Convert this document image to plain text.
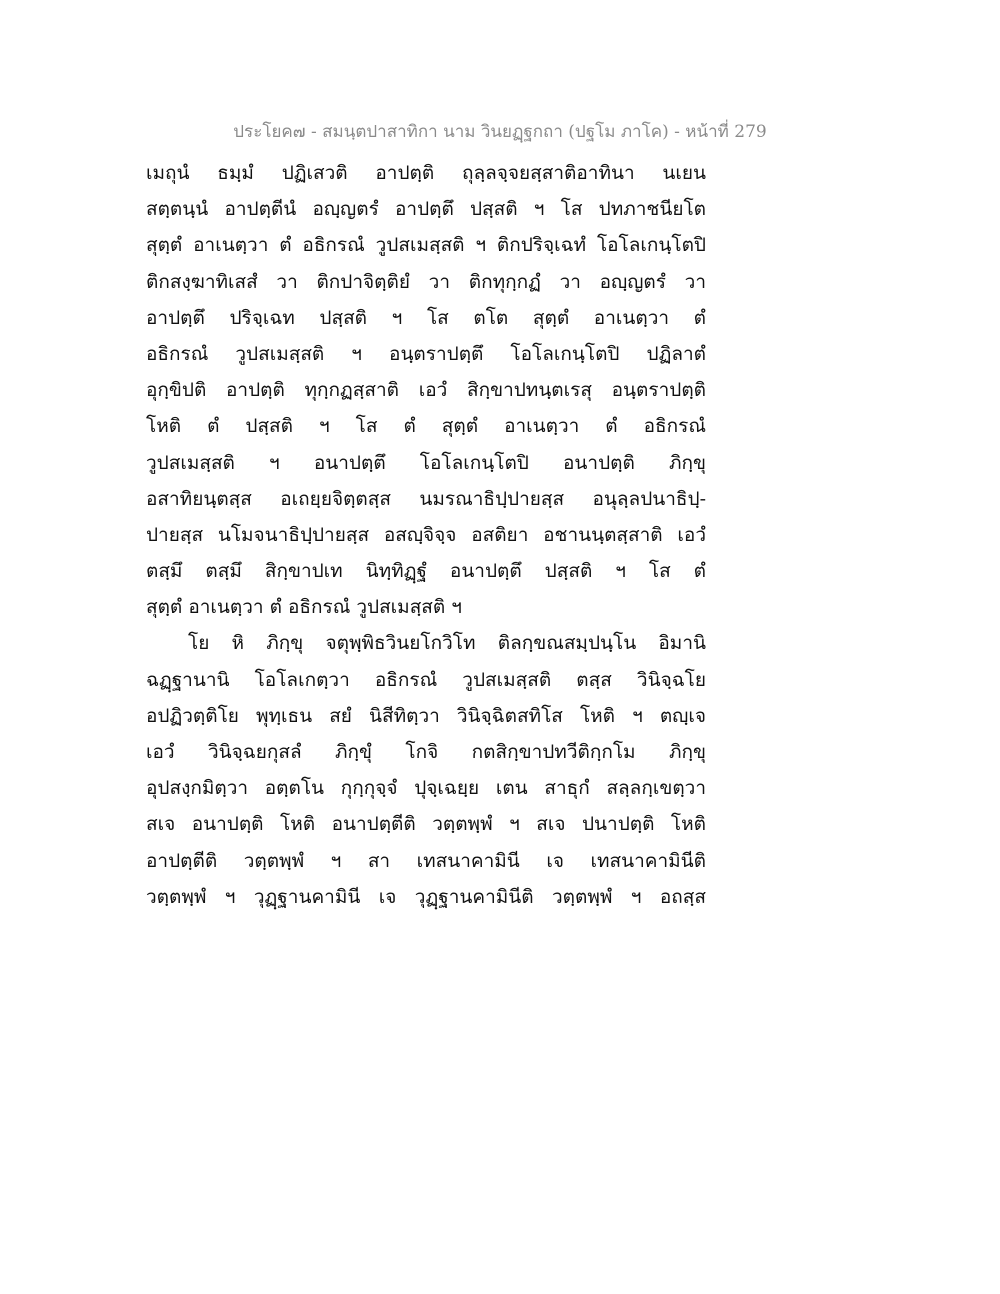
ประโยค๗ - สมนฺตปาสาทิกา นาม วินยฏฺฐกถา (ปฐโม ภาโค) - หน้าที่ 279
เมถุนํ ธมฺมํ ปฏิเสวติ อาปตฺติ ถุลฺลจฺจยสฺสาติอาทินา นเยน
สตฺตนฺนํ อาปตฺตีนํ อญฺญตรํ อาปตฺตึ ปสฺสติ ฯ โส ปทภาชนียโต
สุตฺตํ อาเนตฺวา ตํ อธิกรณํ วูปสเมสฺสติ ฯ ติกปริจฺเฉทํ โอโลเกนฺโตปิ
ติกสงฺฆาทิเสสํ วา ติกปาจิตฺติยํ วา ติกทุกฺกฏํ วา อญฺญตรํ วา
อาปตฺตึ ปริจฺเฉท ปสฺสติ ฯ โส ตโต สุตฺตํ อาเนตฺวา ตํ
อธิกรณํ วูปสเมสฺสติ ฯ อนฺตราปตฺตึ โอโลเกนฺโตปิ ปฏิลาตํ
อุกฺขิปติ อาปตฺติ ทุกฺกฏสฺสาติ เอวํ สิกฺขาปทนฺตเรสุ อนฺตราปตฺติ
โหติ ตํ ปสฺสติ ฯ โส ตํ สุตฺตํ อาเนตฺวา ตํ อธิกรณํ
วูปสเมสฺสติ ฯ อนาปตฺตึ โอโลเกนฺโตปิ อนาปตฺติ ภิกฺขุ
อสาทิยนฺตสฺส อเถยฺยจิตฺตสฺส นมรณาธิปฺปายสฺส อนุลฺลปนาธิปฺ-
ปายสฺส นโมจนาธิปฺปายสฺส อสญฺจิจฺจ อสติยา อชานนฺตสฺสาติ เอวํ
ตสฺมึ ตสฺมึ สิกฺขาปเท นิทฺทิฏฺฐํ อนาปตฺตึ ปสฺสติ ฯ โส ตํ
สุตฺตํ อาเนตฺวา ตํ อธิกรณํ วูปสเมสฺสติ ฯ
โย หิ ภิกฺขุ จตุพฺพิธวินยโกวิโท ติลกฺขณสมฺปนฺโน อิมานิ
ฉฏฺฐานานิ โอโลเกตฺวา อธิกรณํ วูปสเมสฺสติ ตสฺส วินิจฺฉโย
อปฏิวตฺติโย พุทฺเธน สยํ นิสีทิตฺวา วินิจฺฉิตสทิโส โหติ ฯ ตญฺเจ
เอวํ วินิจฺฉยกุสลํ ภิกฺขุํ โกจิ กตสิกฺขาปทวีติกฺกโม ภิกฺขุ
อุปสงฺกมิตฺวา อตฺตโน กุกฺกุจฺจํ ปุจฺเฉยฺย เตน สาธุกํ สลฺลกฺเขตฺวา
สเจ อนาปตฺติ โหติ อนาปตฺตีติ วตฺตพฺพํ ฯ สเจ ปนาปตฺติ โหติ
อาปตฺตีติ วตฺตพฺพํ ฯ สา เทสนาคามินี เจ เทสนาคามินีติ
วตฺตพฺพํ ฯ วุฏฺฐานคามินี เจ วุฏฺฐานคามินีติ วตฺตพฺพํ ฯ อถสฺส
